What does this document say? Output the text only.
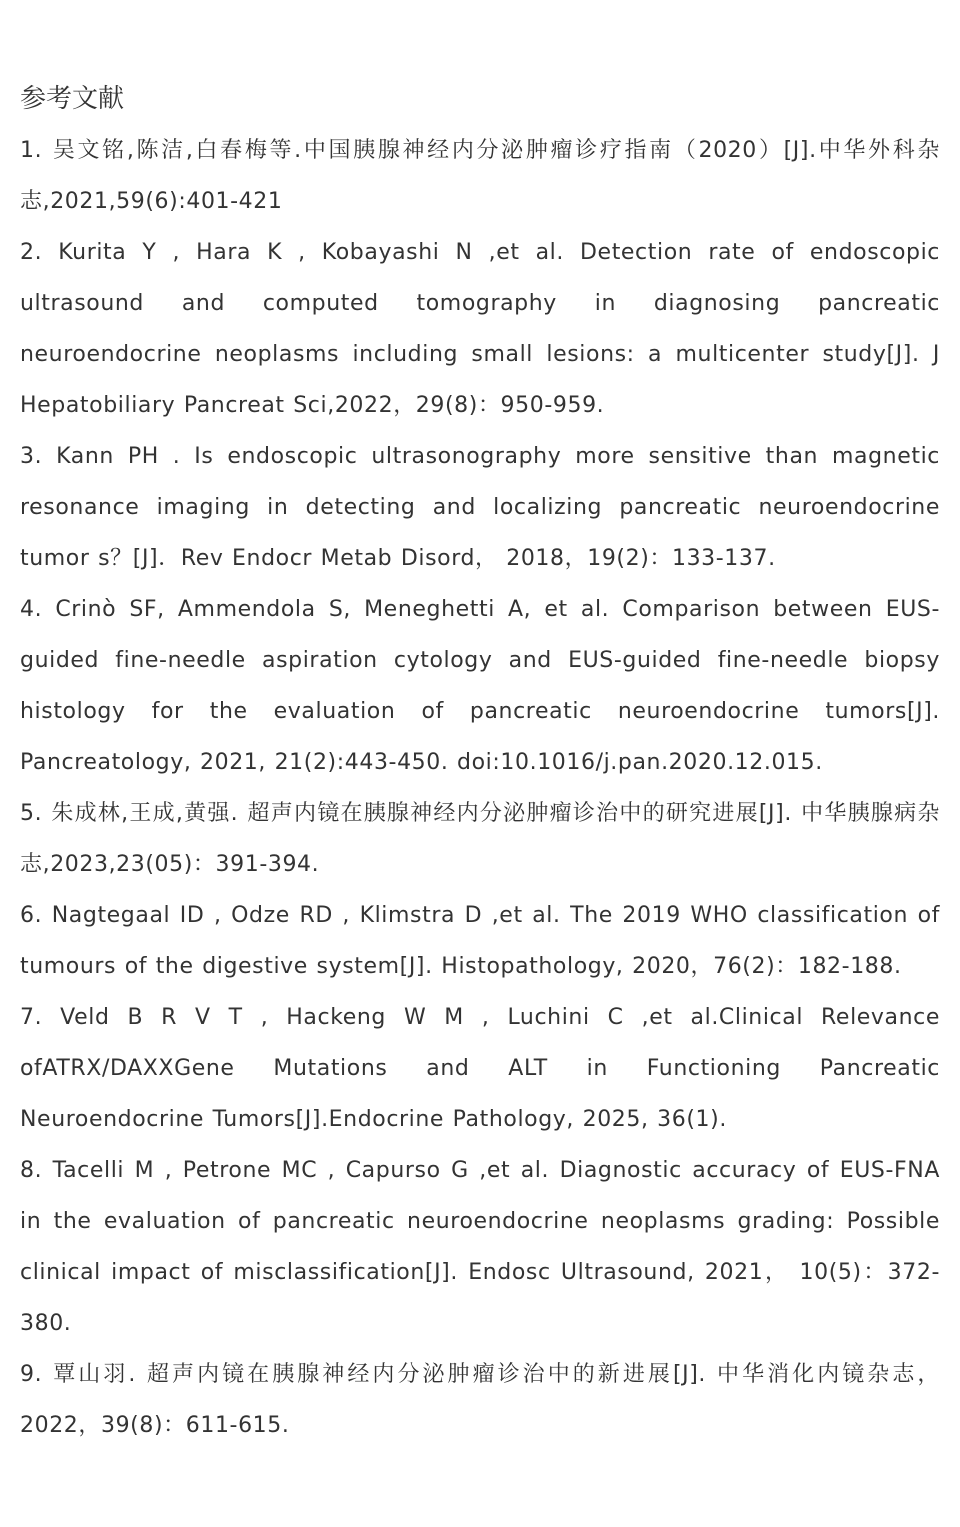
参考文献
1. 吴文铭,陈洁,白春梅等.中国胰腺神经内分泌肿瘤诊疗指南（2020）[J].中华外科杂志,2021,59(6):401-421
2. Kurita Y , Hara K , Kobayashi N ,et al. Detection rate of endoscopic ultrasound and computed tomography in diagnosing pancreatic neuroendocrine neoplasms including small lesions: a multicenter study[J]. J Hepatobiliary Pancreat Sci,2022，29(8)：950-959.
3. Kann PH . Is endoscopic ultrasonography more sensitive than magnetic resonance imaging in detecting and localizing pancreatic neuroendocrine tumor s？[J]．Rev Endocr Metab Disord， 2018，19(2)：133-137.
4. Crinò SF, Ammendola S, Meneghetti A, et al. Comparison between EUS-guided fine-needle aspiration cytology and EUS-guided fine-needle biopsy histology for the evaluation of pancreatic neuroendocrine tumors[J]. Pancreatology, 2021, 21(2):443-450. doi:10.1016/j.pan.2020.12.015.
5. 朱成林,王成,黄强. 超声内镜在胰腺神经内分泌肿瘤诊治中的研究进展[J]. 中华胰腺病杂志,2023,23(05)：391-394.
6. Nagtegaal ID , Odze RD , Klimstra D ,et al. The 2019 WHO classification of tumours of the digestive system[J]. Histopathology, 2020，76(2)：182-188.
7. Veld B R V T , Hackeng W M , Luchini C ,et al.Clinical Relevance ofATRX/DAXXGene Mutations and ALT in Functioning Pancreatic Neuroendocrine Tumors[J].Endocrine Pathology, 2025, 36(1).
8. Tacelli M , Petrone MC , Capurso G ,et al. Diagnostic accuracy of EUS-FNA in the evaluation of pancreatic neuroendocrine neoplasms grading: Possible clinical impact of misclassification[J]. Endosc Ultrasound, 2021， 10(5)：372-380.
9. 覃山羽. 超声内镜在胰腺神经内分泌肿瘤诊治中的新进展[J]. 中华消化内镜杂志， 2022，39(8)：611-615.
